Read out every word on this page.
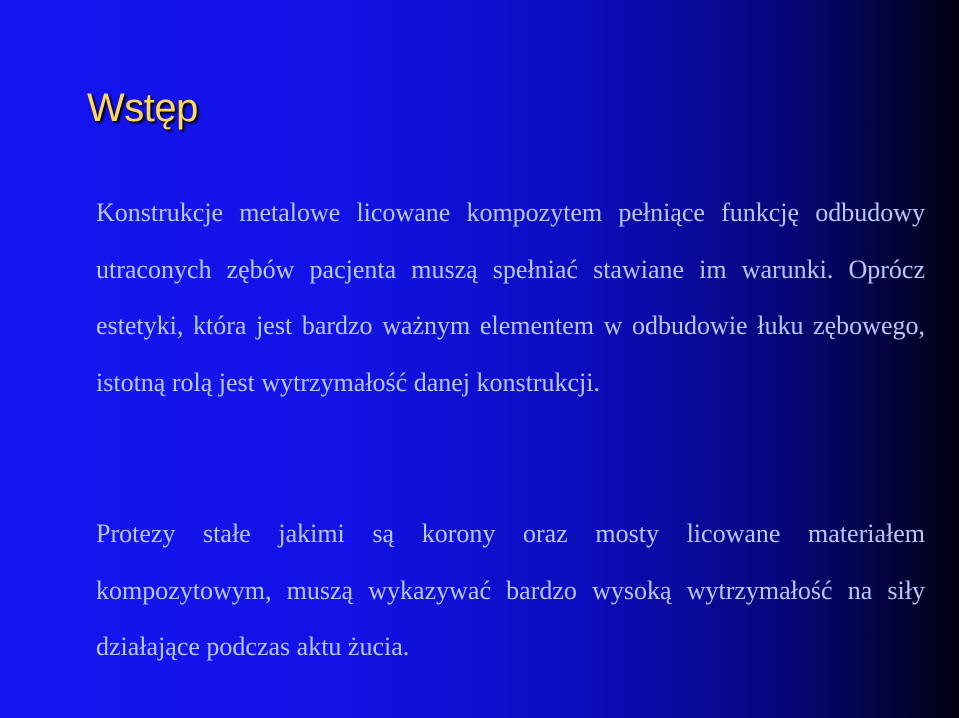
Wstęp

Konstrukcje metalowe licowane kompozytem pełniące funkcję odbudowy utraconych zębów pacjenta muszą spełniać stawiane im warunki. Oprócz estetyki, która jest bardzo ważnym elementem w odbudowie łuku zębowego, istotną rolą jest wytrzymałość danej konstrukcji.

Protezy stałe jakimi są korony oraz mosty licowane materiałem kompozytowym, muszą wykazywać bardzo wysoką wytrzymałość na siły działające podczas aktu żucia.
